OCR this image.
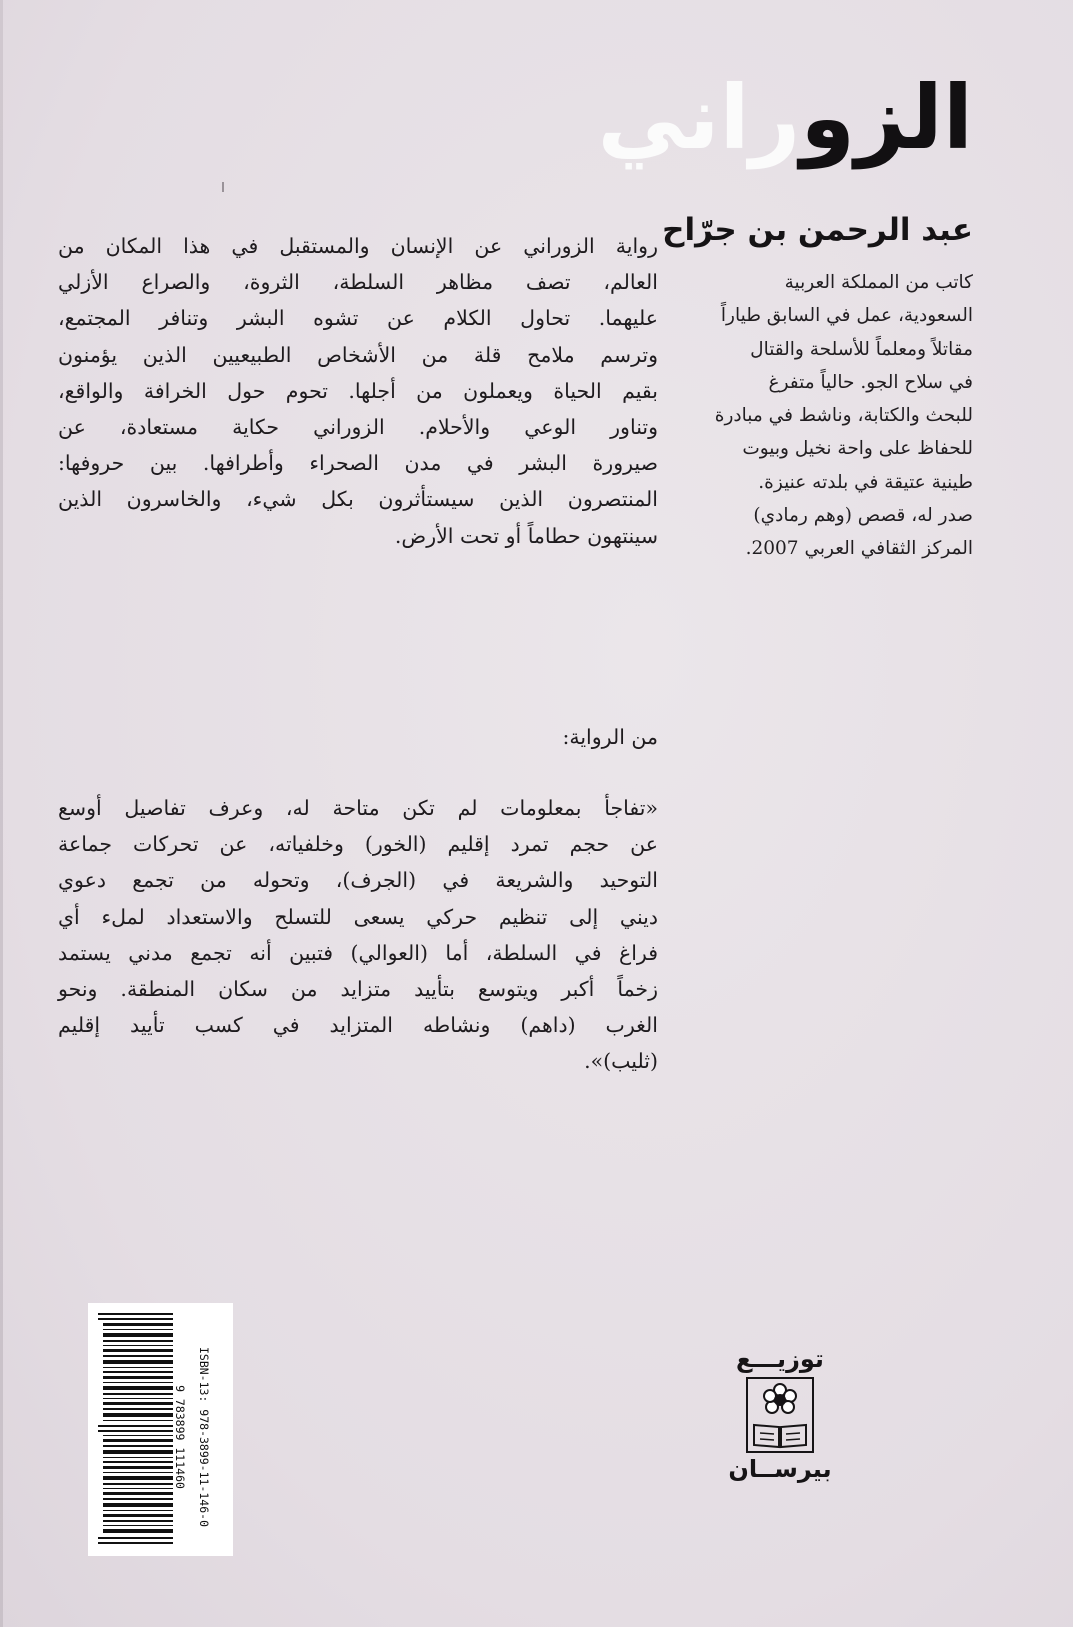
الزوراني
عبد الرحمن بن جرّاح
كاتب من المملكة العربية
السعودية، عمل في السابق طياراً
مقاتلاً ومعلماً للأسلحة والقتال
في سلاح الجو. حالياً متفرغ
للبحث والكتابة، وناشط في مبادرة
للحفاظ على واحة نخيل وبيوت
طينية عتيقة في بلدته عنيزة.
صدر له، قصص (وهم رمادي)
المركز الثقافي العربي 2007.
رواية الزوراني عن الإنسان والمستقبل في هذا المكان من
العالم، تصف مظاهر السلطة، الثروة، والصراع الأزلي
عليهما. تحاول الكلام عن تشوه البشر وتنافر المجتمع،
وترسم ملامح قلة من الأشخاص الطبيعيين الذين يؤمنون
بقيم الحياة ويعملون من أجلها. تحوم حول الخرافة والواقع،
وتناور الوعي والأحلام. الزوراني حكاية مستعادة، عن
صيرورة البشر في مدن الصحراء وأطرافها. بين حروفها:
المنتصرون الذين سيستأثرون بكل شيء، والخاسرون الذين
سينتهون حطاماً أو تحت الأرض.
من الرواية:
«تفاجأ بمعلومات لم تكن متاحة له، وعرف تفاصيل أوسع
عن حجم تمرد إقليم (الخور) وخلفياته، عن تحركات جماعة
التوحيد والشريعة في (الجرف)، وتحوله من تجمع دعوي
ديني إلى تنظيم حركي يسعى للتسلح والاستعداد لملء أي
فراغ في السلطة، أما (العوالي) فتبين أنه تجمع مدني يستمد
زخماً أكبر ويتوسع بتأييد متزايد من سكان المنطقة. ونحو
الغرب (داهم) ونشاطه المتزايد في كسب تأييد إقليم
(ثليب)».
ISBN-13: 978-3899-11-146-0
9 783899 111460
توزيـــع
بيرســان
